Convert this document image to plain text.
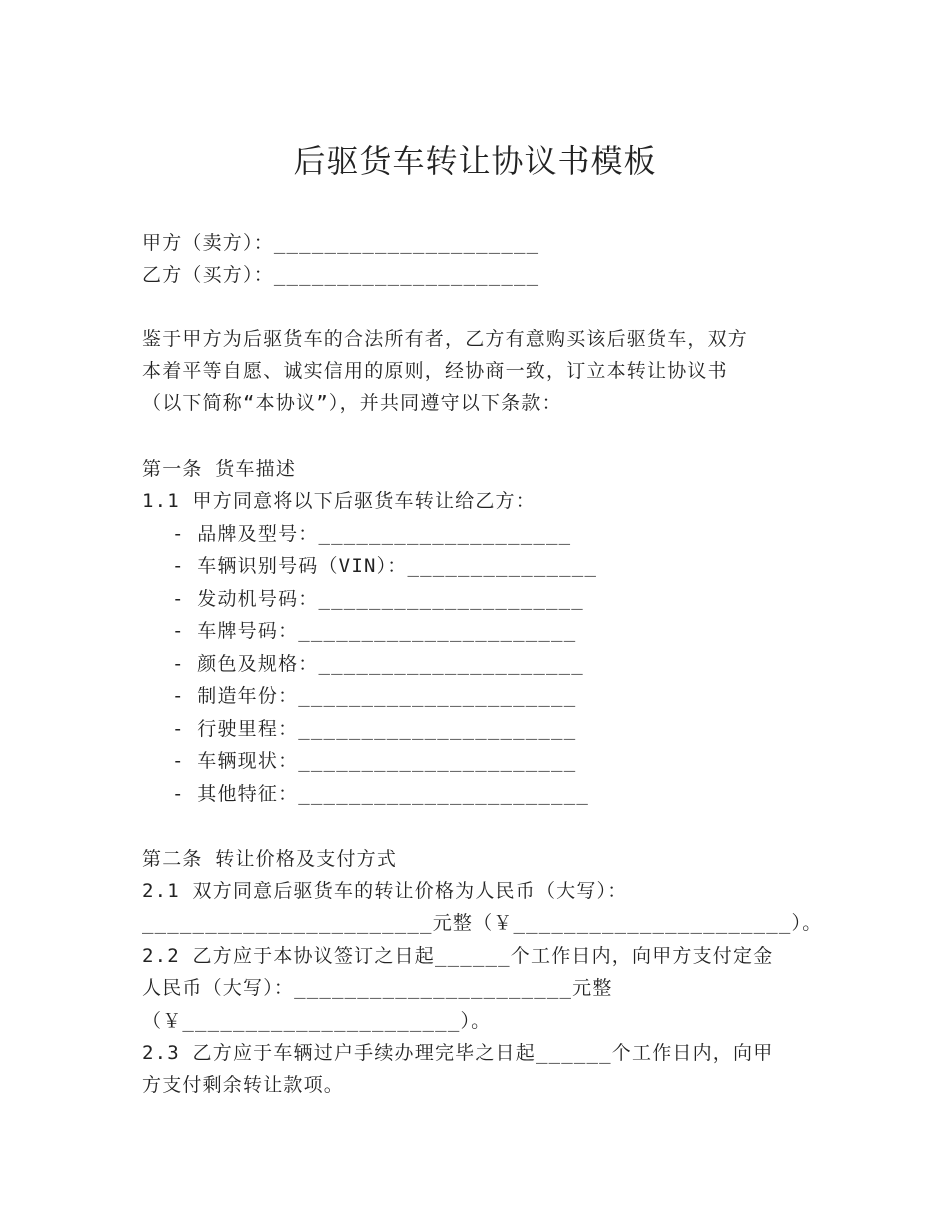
后驱货车转让协议书模板
甲方（卖方）：_____________________
乙方（买方）：_____________________
鉴于甲方为后驱货车的合法所有者，乙方有意购买该后驱货车，双方
本着平等自愿、诚实信用的原则，经协商一致，订立本转让协议书
（以下简称“本协议”），并共同遵守以下条款：
第一条 货车描述
1.1 甲方同意将以下后驱货车转让给乙方：
- 品牌及型号：____________________
- 车辆识别号码（VIN）：_______________
- 发动机号码：_____________________
- 车牌号码：______________________
- 颜色及规格：_____________________
- 制造年份：______________________
- 行驶里程：______________________
- 车辆现状：______________________
- 其他特征：_______________________
第二条 转让价格及支付方式
2.1 双方同意后驱货车的转让价格为人民币（大写）：
_______________________元整（￥______________________）。
2.2 乙方应于本协议签订之日起______个工作日内，向甲方支付定金
人民币（大写）：______________________元整
（￥______________________）。
2.3 乙方应于车辆过户手续办理完毕之日起______个工作日内，向甲
方支付剩余转让款项。
